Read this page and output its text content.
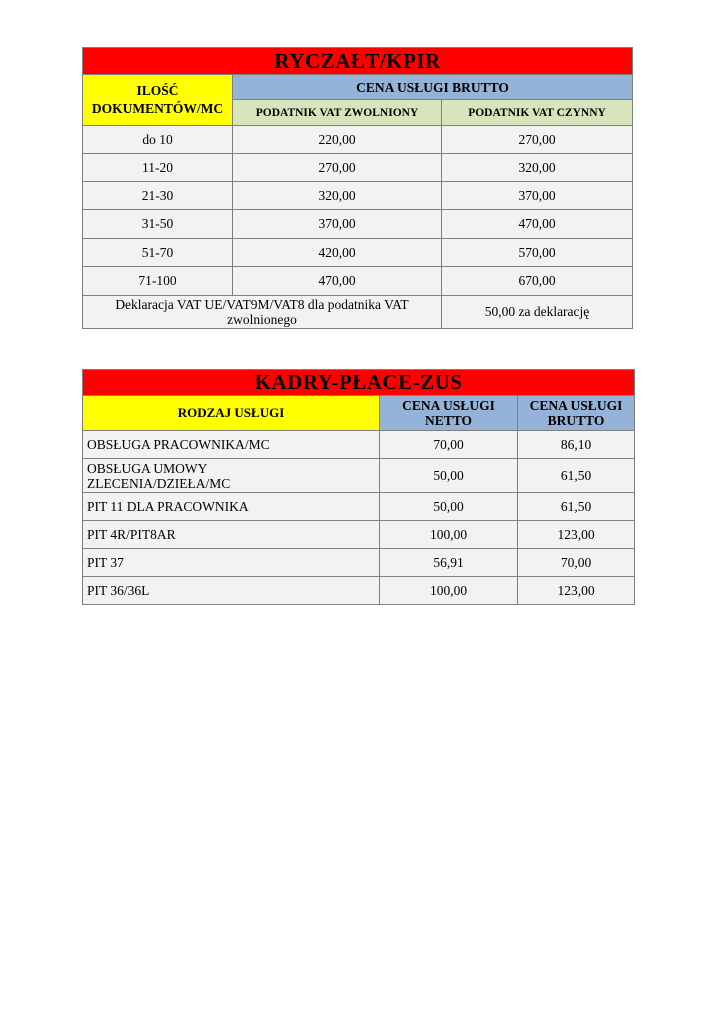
RYCZAŁT/KPIR		
ILOŚĆ DOKUMENTÓW/MC	CENA USŁUGI BRUTTO	
	PODATNIK VAT ZWOLNIONY	PODATNIK VAT CZYNNY
do 10	220,00	270,00
11-20	270,00	320,00
21-30	320,00	370,00
31-50	370,00	470,00
51-70	420,00	570,00
71-100	470,00	670,00
Deklaracja VAT UE/VAT9M/VAT8 dla podatnika VAT zwolnionego		50,00 za deklarację
KADRY-PŁACE-ZUS		
RODZAJ USŁUGI	CENA USŁUGI NETTO	CENA USŁUGI BRUTTO
OBSŁUGA PRACOWNIKA/MC	70,00	86,10
OBSŁUGA UMOWY ZLECENIA/DZIEŁA/MC	50,00	61,50
PIT 11 DLA PRACOWNIKA	50,00	61,50
PIT 4R/PIT8AR	100,00	123,00
PIT 37	56,91	70,00
PIT 36/36L	100,00	123,00
